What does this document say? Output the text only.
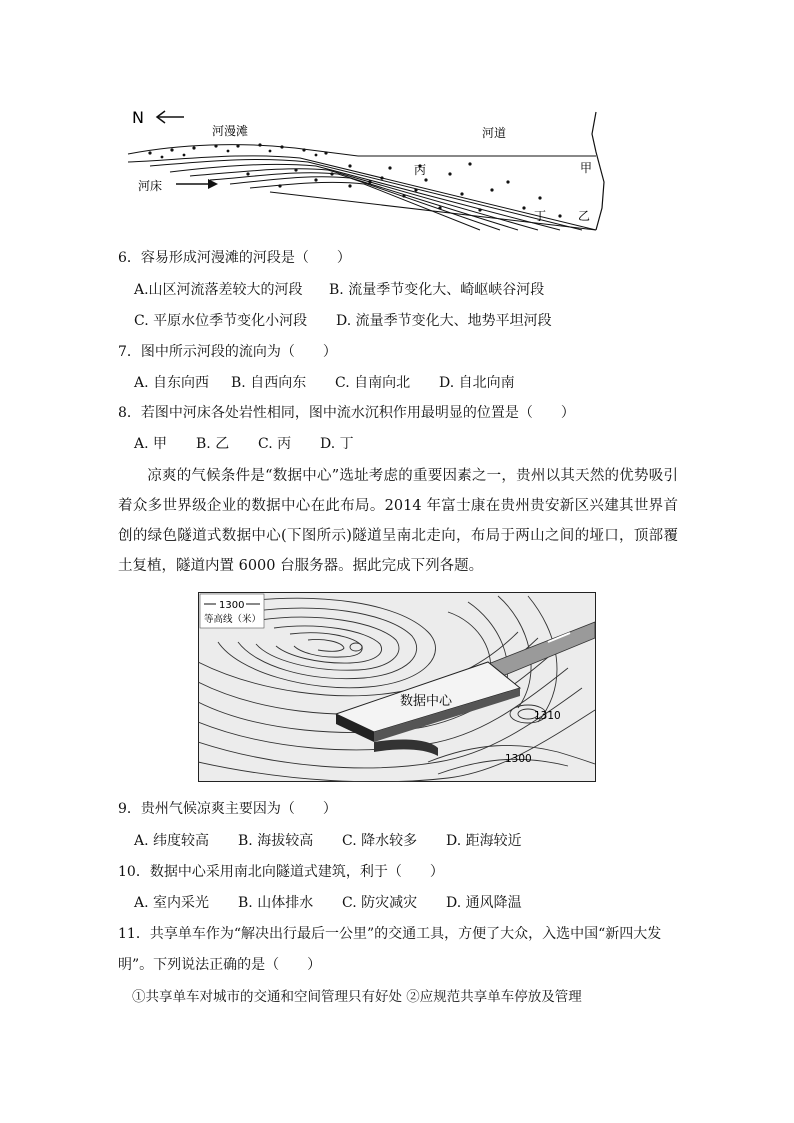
N
河漫滩	河道
河床
丙	甲
丁	乙
6．容易形成河漫滩的河段是（　　）
A.山区河流落差较大的河段 B. 流量季节变化大、崎岖峡谷河段
C. 平原水位季节变化小河段 D. 流量季节变化大、地势平坦河段
7．图中所示河段的流向为（　　）
A. 自东向西 B. 自西向东 C. 自南向北 D. 自北向南
8．若图中河床各处岩性相同，图中流水沉积作用最明显的位置是（　　）
A. 甲 B. 乙 C. 丙 D. 丁
凉爽的气候条件是“数据中心”选址考虑的重要因素之一，贵州以其天然的优势吸引着众多世界级企业的数据中心在此布局。2014 年富士康在贵州贵安新区兴建其世界首创的绿色隧道式数据中心(下图所示)隧道呈南北走向，布局于两山之间的垭口，顶部覆土复植，隧道内置 6000 台服务器。据此完成下列各题。
1300
等高线（米）
数据中心
1310
1300
9．贵州气候凉爽主要因为（　　）
A. 纬度较高 B. 海拔较高 C. 降水较多 D. 距海较近
10．数据中心采用南北向隧道式建筑，利于（　　）
A. 室内采光 B. 山体排水 C. 防灾减灾 D. 通风降温
11．共享单车作为“解决出行最后一公里”的交通工具，方便了大众，入选中国“新四大发
明”。下列说法正确的是（　　）
①共享单车对城市的交通和空间管理只有好处 ②应规范共享单车停放及管理
